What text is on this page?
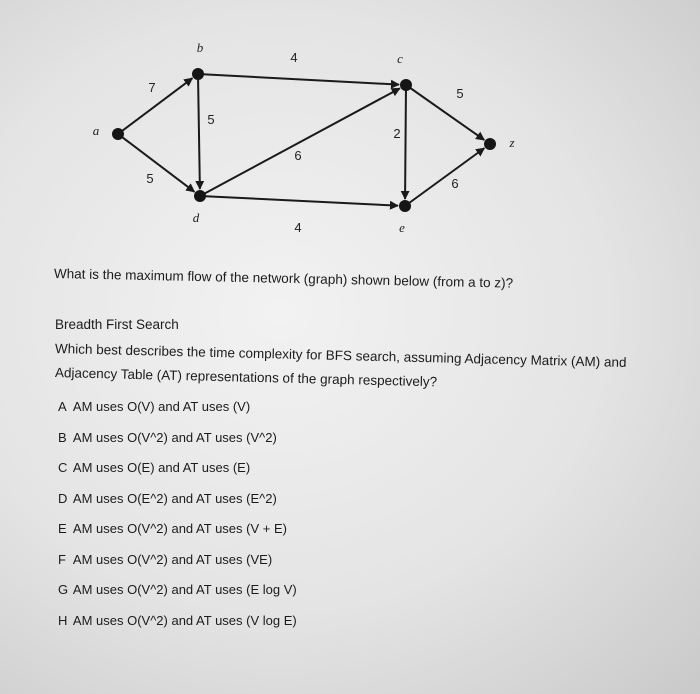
7
5
4
5
6
4
2
5
6
a
b
c
d
e
z
What is the maximum flow of the network (graph) shown below (from a to z)?
Breadth First Search
Which best describes the time complexity for BFS search, assuming Adjacency Matrix (AM) and
Adjacency Table (AT) representations of the graph respectively?
A AM uses O(V) and AT uses (V)
B AM uses O(V^2) and AT uses (V^2)
C AM uses O(E) and AT uses (E)
D AM uses O(E^2) and AT uses (E^2)
E AM uses O(V^2) and AT uses (V + E)
F AM uses O(V^2) and AT uses (VE)
G AM uses O(V^2) and AT uses (E log V)
H AM uses O(V^2) and AT uses (V log E)
